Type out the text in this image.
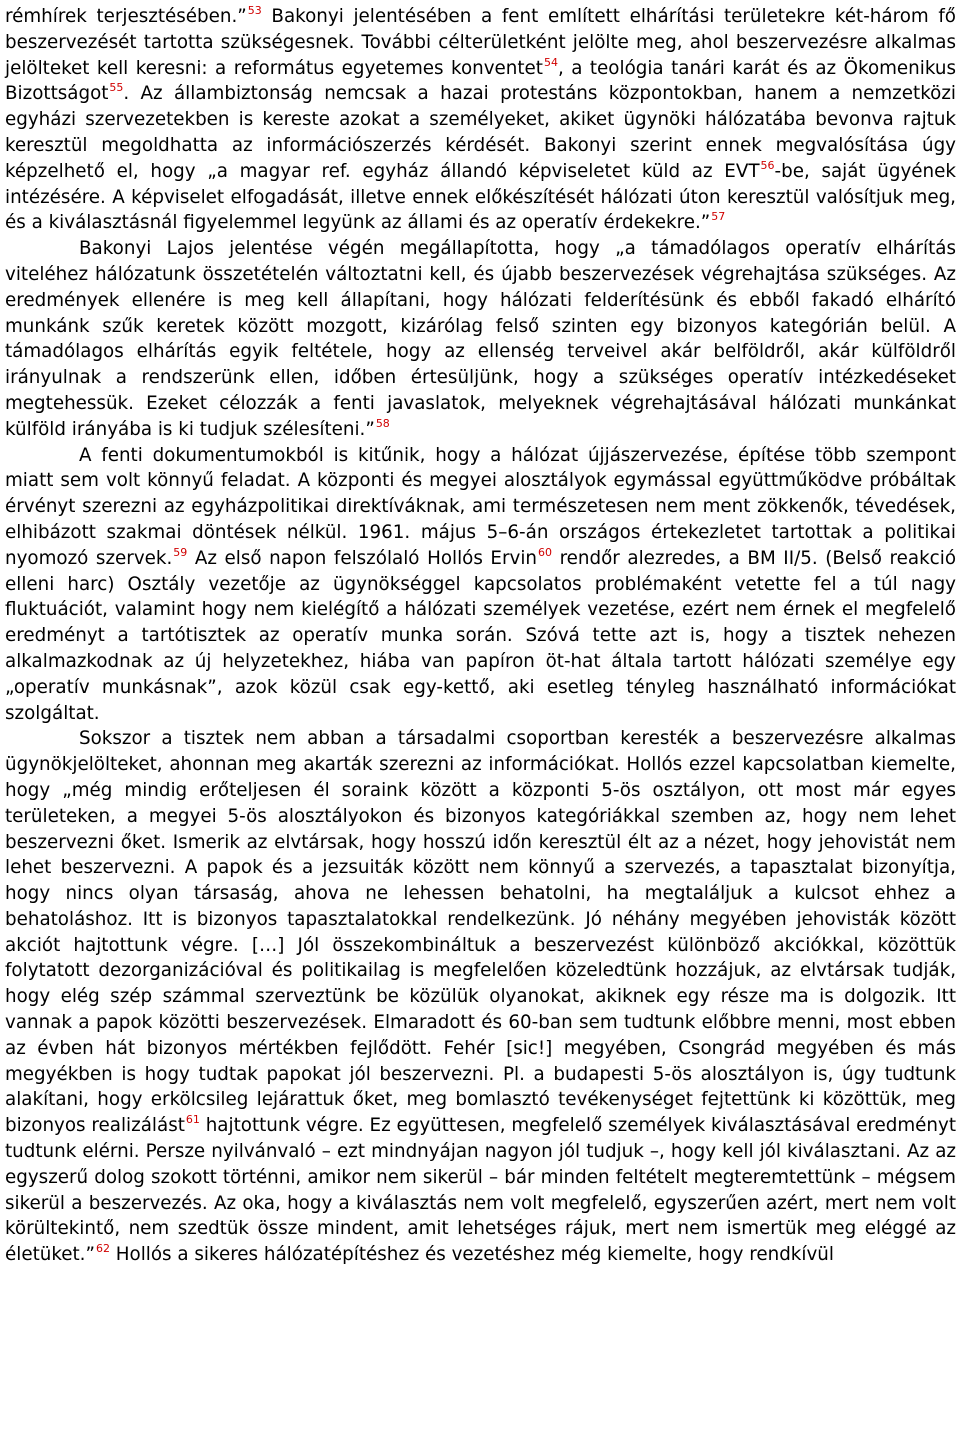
rémhírek terjesztésében.”$^{53}$ Bakonyi jelentésében a fent említett elhárítási területekre két-három fő beszervezését tartotta szükségesnek. További célterületként jelölte meg, ahol beszervezésre alkalmas jelölteket kell keresni: a református egyetemes konventet$^{54}$, a teológia tanári karát és az Ökomenikus Bizottságot$^{55}$. Az állambiztonság nemcsak a hazai protestáns központokban, hanem a nemzetközi egyházi szervezetekben is kereste azokat a személyeket, akiket ügynöki hálózatába bevonva rajtuk keresztül megoldhatta az információszerzés kérdését. Bakonyi szerint ennek megvalósítása úgy képzelhető el, hogy „a magyar ref. egyház állandó képviseletet küld az EVT$^{56}$-be, saját ügyének intézésére. A képviselet elfogadását, illetve ennek előkészítését hálózati úton keresztül valósítjuk meg, és a kiválasztásnál figyelemmel legyünk az állami és az operatív érdekekre.”$^{57}$

Bakonyi Lajos jelentése végén megállapította, hogy „a támadólagos operatív elhárítás viteléhez hálózatunk összetételén változtatni kell, és újabb beszervezések végrehajtása szükséges. Az eredmények ellenére is meg kell állapítani, hogy hálózati felderítésünk és ebből fakadó elhárító munkánk szűk keretek között mozgott, kizárólag felső szinten egy bizonyos kategórián belül. A támadólagos elhárítás egyik feltétele, hogy az ellenség terveivel akár belföldről, akár külföldről irányulnak a rendszerünk ellen, időben értesüljünk, hogy a szükséges operatív intézkedéseket megtehessük. Ezeket célozzák a fenti javaslatok, melyeknek végrehajtásával hálózati munkánkat külföld irányába is ki tudjuk szélesíteni.”$^{58}$

A fenti dokumentumokból is kitűnik, hogy a hálózat újjászervezése, építése több szempont miatt sem volt könnyű feladat. A központi és megyei alosztályok egymással együttműködve próbáltak érvényt szerezni az egyházpolitikai direktíváknak, ami természetesen nem ment zökkenők, tévedések, elhibázott szakmai döntések nélkül. 1961. május 5–6-án országos értekezletet tartottak a politikai nyomozó szervek.$^{59}$ Az első napon felszólaló Hollós Ervin$^{60}$ rendőr alezredes, a BM II/5. (Belső reakció elleni harc) Osztály vezetője az ügynökséggel kapcsolatos problémaként vetette fel a túl nagy fluktuációt, valamint hogy nem kielégítő a hálózati személyek vezetése, ezért nem érnek el megfelelő eredményt a tartótisztek az operatív munka során. Szóvá tette azt is, hogy a tisztek nehezen alkalmazkodnak az új helyzetekhez, hiába van papíron öt-hat általa tartott hálózati személye egy „operatív munkásnak”, azok közül csak egy-kettő, aki esetleg tényleg használható információkat szolgáltat.

Sokszor a tisztek nem abban a társadalmi csoportban keresték a beszervezésre alkalmas ügynökjelölteket, ahonnan meg akarták szerezni az információkat. Hollós ezzel kapcsolatban kiemelte, hogy „még mindig erőteljesen él soraink között a központi 5-ös osztályon, ott most már egyes területeken, a megyei 5-ös alosztályokon és bizonyos kategóriákkal szemben az, hogy nem lehet beszervezni őket. Ismerik az elvtársak, hogy hosszú időn keresztül élt az a nézet, hogy jehovistát nem lehet beszervezni. A papok és a jezsuiták között nem könnyű a szervezés, a tapasztalat bizonyítja, hogy nincs olyan társaság, ahova ne lehessen behatolni, ha megtaláljuk a kulcsot ehhez a behatoláshoz. Itt is bizonyos tapasztalatokkal rendelkezünk. Jó néhány megyében jehovisták között akciót hajtottunk végre. […] Jól összekombináltuk a beszervezést különböző akciókkal, közöttük folytatott dezorganizációval és politikailag is megfelelően közeledtünk hozzájuk, az elvtársak tudják, hogy elég szép számmal szerveztünk be közülük olyanokat, akiknek egy része ma is dolgozik. Itt vannak a papok közötti beszervezések. Elmaradott és 60-ban sem tudtunk előbbre menni, most ebben az évben hát bizonyos mértékben fejlődött. Fehér [sic!] megyében, Csongrád megyében és más megyékben is hogy tudtak papokat jól beszervezni. Pl. a budapesti 5-ös alosztályon is, úgy tudtunk alakítani, hogy erkölcsileg lejárattuk őket, meg bomlasztó tevékenységet fejtettünk ki közöttük, meg bizonyos realizálást$^{61}$ hajtottunk végre. Ez együttesen, megfelelő személyek kiválasztásával eredményt tudtunk elérni. Persze nyilvánvaló – ezt mindnyájan nagyon jól tudjuk –, hogy kell jól kiválasztani. Az az egyszerű dolog szokott történni, amikor nem sikerül – bár minden feltételt megteremtettünk – mégsem sikerül a beszervezés. Az oka, hogy a kiválasztás nem volt megfelelő, egyszerűen azért, mert nem volt körültekintő, nem szedtük össze mindent, amit lehetséges rájuk, mert nem ismertük meg eléggé az életüket.”$^{62}$ Hollós a sikeres hálózatépítéshez és vezetéshez még kiemelte, hogy rendkívül
